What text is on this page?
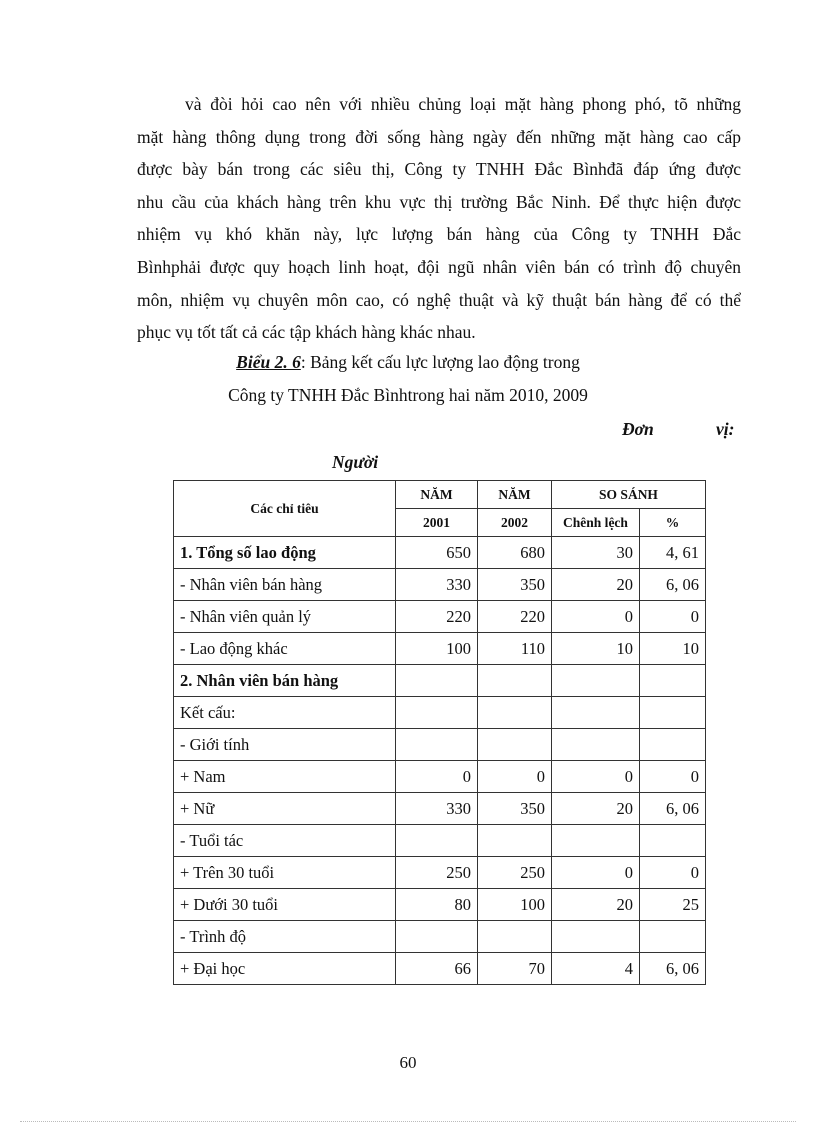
và đòi hỏi cao nên với nhiều chủng loại mặt hàng phong phó, tõ những
mặt hàng thông dụng trong đời sống hàng ngày đến những mặt hàng cao cấp
được bày bán trong các siêu thị, Công ty TNHH Đắc Bìnhđã đáp ứng được
nhu cầu của khách hàng trên khu vực thị trường Bắc Ninh. Để thực hiện được
nhiệm vụ khó khăn này, lực lượng bán hàng của Công ty TNHH Đắc
Bìnhphải được quy hoạch linh hoạt, đội ngũ nhân viên bán có trình độ chuyên
môn, nhiệm vụ chuyên môn cao, có nghệ thuật và kỹ thuật bán hàng để có thể
phục vụ tốt tất cả các tập khách hàng khác nhau.
Biểu 2. 6: Bảng kết cấu lực lượng lao động trong
Công ty TNHH Đắc Bìnhtrong hai năm 2010, 2009
Đơn	vị:
Người
Các chỉ tiêu	NĂM	NĂM	SO SÁNH	
	2001	2002	Chênh lệch	%
1. Tổng số lao động	650	680	30	4, 61
- Nhân viên bán hàng	330	350	20	6, 06
- Nhân viên quản lý	220	220	0	0
- Lao động khác	100	110	10	10
2. Nhân viên bán hàng				
Kết cấu:				
- Giới tính				
+ Nam	0	0	0	0
+ Nữ	330	350	20	6, 06
- Tuổi tác				
+ Trên 30 tuổi	250	250	0	0
+ Dưới 30 tuổi	80	100	20	25
- Trình độ				
+ Đại học	66	70	4	6, 06
60
